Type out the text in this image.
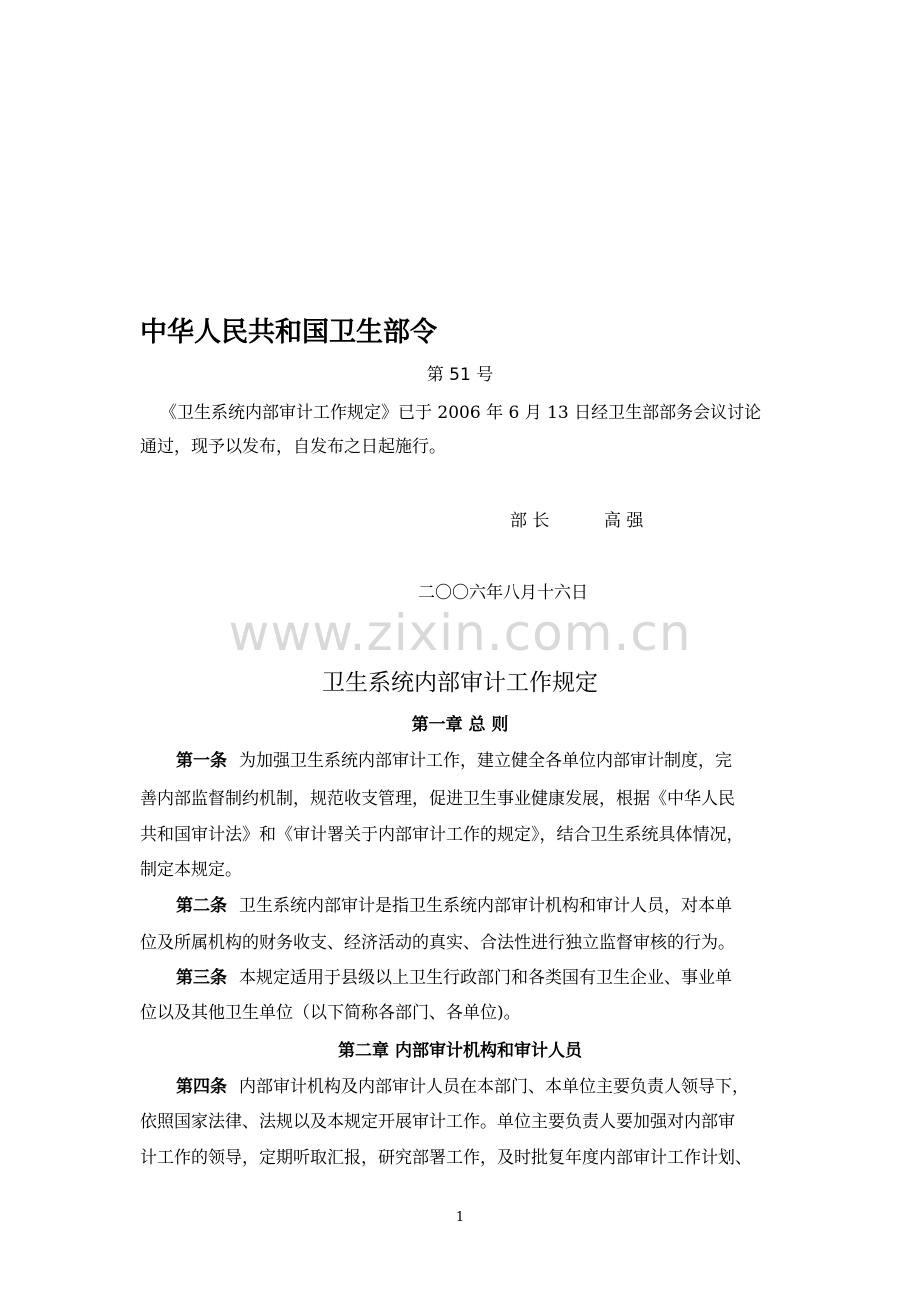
中华人民共和国卫生部令
第 51 号
《卫生系统内部审计工作规定》已于 2006 年 6 月 13 日经卫生部部务会议讨论
通过，现予以发布，自发布之日起施行。
部 长	高 强
二〇〇六年八月十六日
www.zixin.com.cn
卫生系统内部审计工作规定
第一章 总 则
第一条 为加强卫生系统内部审计工作，建立健全各单位内部审计制度，完
善内部监督制约机制，规范收支管理，促进卫生事业健康发展，根据《中华人民
共和国审计法》和《审计署关于内部审计工作的规定》，结合卫生系统具体情况，
制定本规定。
第二条 卫生系统内部审计是指卫生系统内部审计机构和审计人员，对本单
位及所属机构的财务收支、经济活动的真实、合法性进行独立监督审核的行为。
第三条 本规定适用于县级以上卫生行政部门和各类国有卫生企业、事业单
位以及其他卫生单位（以下简称各部门、各单位)。
第二章 内部审计机构和审计人员
第四条 内部审计机构及内部审计人员在本部门、本单位主要负责人领导下，
依照国家法律、法规以及本规定开展审计工作。单位主要负责人要加强对内部审
计工作的领导，定期听取汇报，研究部署工作，及时批复年度内部审计工作计划、
1
